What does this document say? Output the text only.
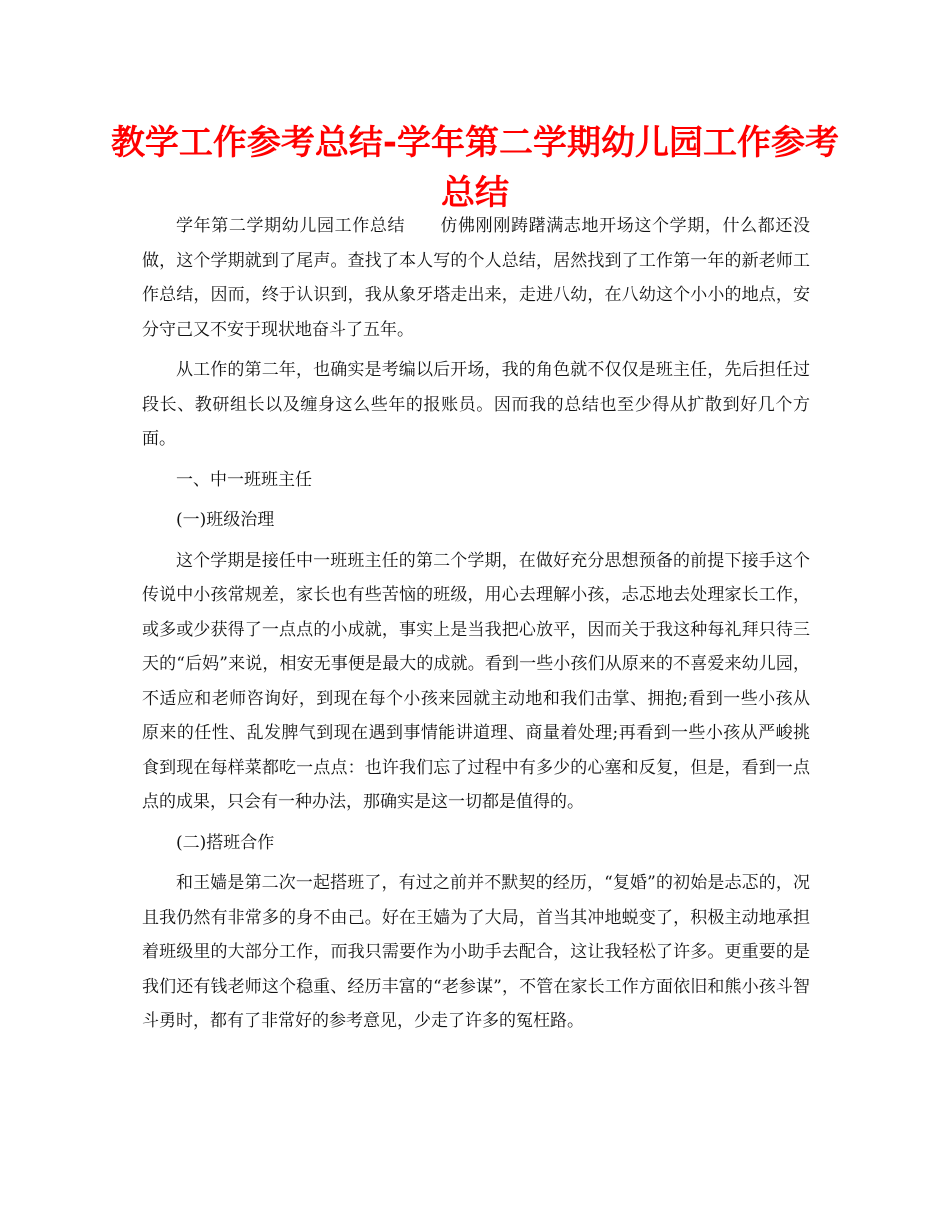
教学工作参考总结-学年第二学期幼儿园工作参考总结

学年第二学期幼儿园工作总结　　仿佛刚刚踌躇满志地开场这个学期，什么都还没做，这个学期就到了尾声。查找了本人写的个人总结，居然找到了工作第一年的新老师工作总结，因而，终于认识到，我从象牙塔走出来，走进八幼，在八幼这个小小的地点，安分守己又不安于现状地奋斗了五年。

从工作的第二年，也确实是考编以后开场，我的角色就不仅仅是班主任，先后担任过段长、教研组长以及缠身这么些年的报账员。因而我的总结也至少得从扩散到好几个方面。

一、中一班班主任

(一)班级治理

这个学期是接任中一班班主任的第二个学期，在做好充分思想预备的前提下接手这个传说中小孩常规差，家长也有些苦恼的班级，用心去理解小孩，忐忑地去处理家长工作，或多或少获得了一点点的小成就，事实上是当我把心放平，因而关于我这种每礼拜只待三天的“后妈”来说，相安无事便是最大的成就。看到一些小孩们从原来的不喜爱来幼儿园，不适应和老师咨询好，到现在每个小孩来园就主动地和我们击掌、拥抱;看到一些小孩从原来的任性、乱发脾气到现在遇到事情能讲道理、商量着处理;再看到一些小孩从严峻挑食到现在每样菜都吃一点点：也许我们忘了过程中有多少的心塞和反复，但是，看到一点点的成果，只会有一种办法，那确实是这一切都是值得的。

(二)搭班合作

和王嫱是第二次一起搭班了，有过之前并不默契的经历，“复婚”的初始是忐忑的，况且我仍然有非常多的身不由己。好在王嫱为了大局，首当其冲地蜕变了，积极主动地承担着班级里的大部分工作，而我只需要作为小助手去配合，这让我轻松了许多。更重要的是我们还有钱老师这个稳重、经历丰富的“老参谋”，不管在家长工作方面依旧和熊小孩斗智斗勇时，都有了非常好的参考意见，少走了许多的冤枉路。
